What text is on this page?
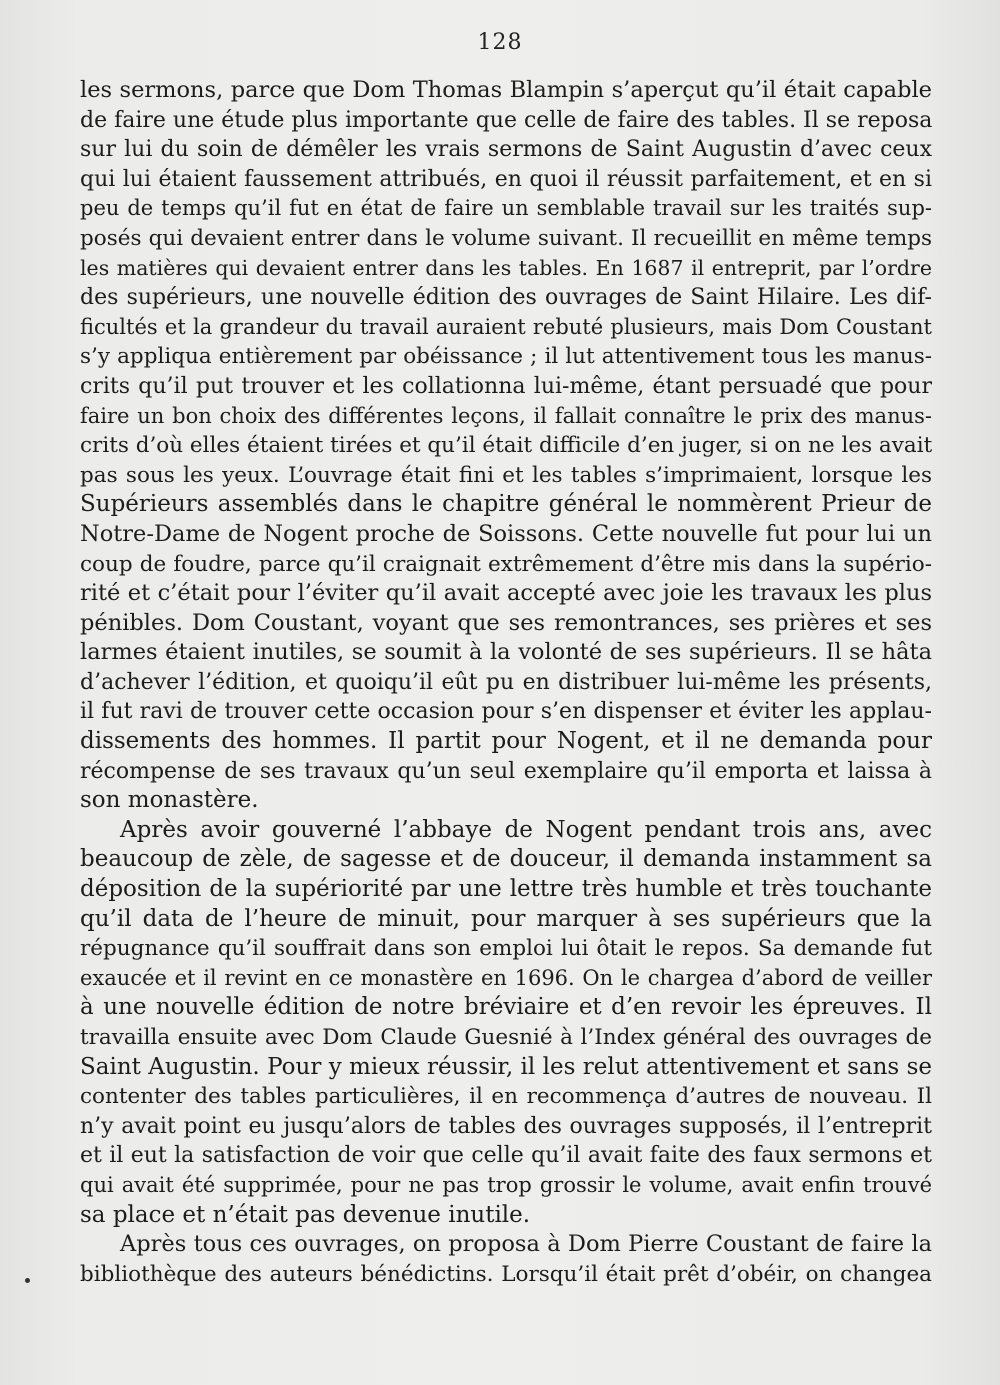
128
les sermons, parce que Dom Thomas Blampin s’aperçut qu’il était capable
de faire une étude plus importante que celle de faire des tables. Il se reposa
sur lui du soin de démêler les vrais sermons de Saint Augustin d’avec ceux
qui lui étaient faussement attribués, en quoi il réussit parfaitement, et en si
peu de temps qu’il fut en état de faire un semblable travail sur les traités sup-
posés qui devaient entrer dans le volume suivant. Il recueillit en même temps
les matières qui devaient entrer dans les tables. En 1687 il entreprit, par l’ordre
des supérieurs, une nouvelle édition des ouvrages de Saint Hilaire. Les dif-
ficultés et la grandeur du travail auraient rebuté plusieurs, mais Dom Coustant
s’y appliqua entièrement par obéissance ; il lut attentivement tous les manus-
crits qu’il put trouver et les collationna lui-même, étant persuadé que pour
faire un bon choix des différentes leçons, il fallait connaître le prix des manus-
crits d’où elles étaient tirées et qu’il était difficile d’en juger, si on ne les avait
pas sous les yeux. L’ouvrage était fini et les tables s’imprimaient, lorsque les
Supérieurs assemblés dans le chapitre général le nommèrent Prieur de
Notre-Dame de Nogent proche de Soissons. Cette nouvelle fut pour lui un
coup de foudre, parce qu’il craignait extrêmement d’être mis dans la supério-
rité et c’était pour l’éviter qu’il avait accepté avec joie les travaux les plus
pénibles. Dom Coustant, voyant que ses remontrances, ses prières et ses
larmes étaient inutiles, se soumit à la volonté de ses supérieurs. Il se hâta
d’achever l’édition, et quoiqu’il eût pu en distribuer lui-même les présents,
il fut ravi de trouver cette occasion pour s’en dispenser et éviter les applau-
dissements des hommes. Il partit pour Nogent, et il ne demanda pour
récompense de ses travaux qu’un seul exemplaire qu’il emporta et laissa à
son monastère.
Après avoir gouverné l’abbaye de Nogent pendant trois ans, avec
beaucoup de zèle, de sagesse et de douceur, il demanda instamment sa
déposition de la supériorité par une lettre très humble et très touchante
qu’il data de l’heure de minuit, pour marquer à ses supérieurs que la
répugnance qu’il souffrait dans son emploi lui ôtait le repos. Sa demande fut
exaucée et il revint en ce monastère en 1696. On le chargea d’abord de veiller
à une nouvelle édition de notre bréviaire et d’en revoir les épreuves. Il
travailla ensuite avec Dom Claude Guesnié à l’Index général des ouvrages de
Saint Augustin. Pour y mieux réussir, il les relut attentivement et sans se
contenter des tables particulières, il en recommença d’autres de nouveau. Il
n’y avait point eu jusqu’alors de tables des ouvrages supposés, il l’entreprit
et il eut la satisfaction de voir que celle qu’il avait faite des faux sermons et
qui avait été supprimée, pour ne pas trop grossir le volume, avait enfin trouvé
sa place et n’était pas devenue inutile.
Après tous ces ouvrages, on proposa à Dom Pierre Coustant de faire la
bibliothèque des auteurs bénédictins. Lorsqu’il était prêt d’obéir, on changea
